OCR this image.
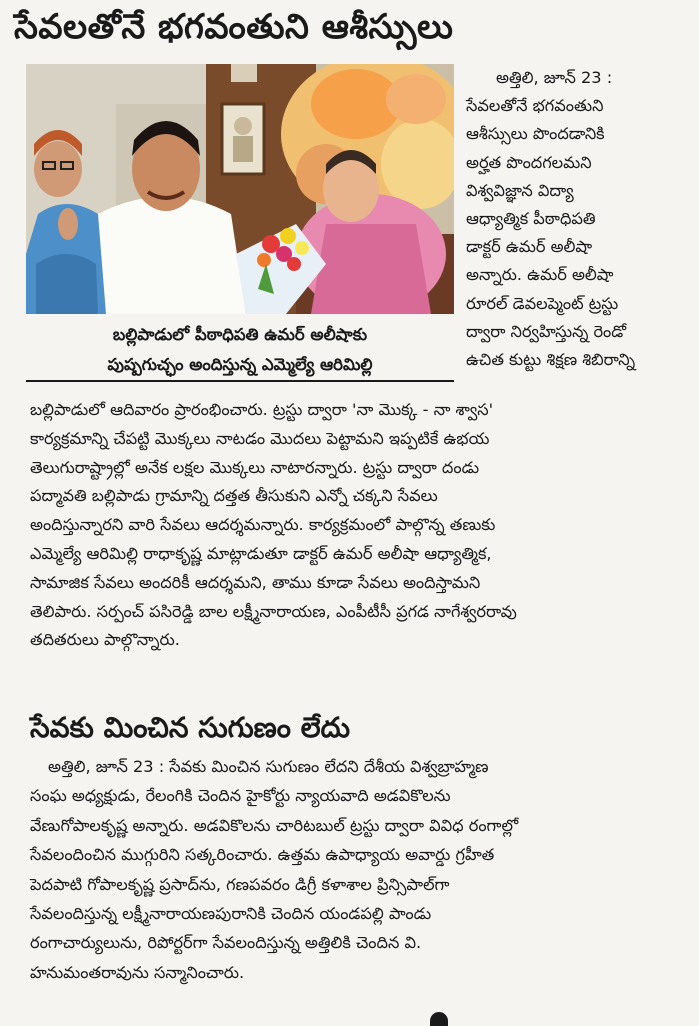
సేవలతోనే భగవంతుని ఆశీస్సులు
బల్లిపాడులో పీఠాధిపతి ఉమర్ అలీషాకు
పుష్పగుచ్ఛం అందిస్తున్న ఎమ్మెల్యే ఆరిమిల్లి
అత్తిలి, జూన్ 23 :
సేవలతోనే భగవంతుని
ఆశీస్సులు పొందడానికి
అర్హత పొందగలమని
విశ్వవిజ్ఞాన విద్యా
ఆధ్యాత్మిక పీఠాధిపతి
డాక్టర్ ఉమర్ అలీషా
అన్నారు. ఉమర్ అలీషా
రూరల్ డెవలప్మెంట్ ట్రస్టు
ద్వారా నిర్వహిస్తున్న రెండో
ఉచిత కుట్టు శిక్షణ శిబిరాన్ని
బల్లిపాడులో ఆదివారం ప్రారంభించారు. ట్రస్టు ద్వారా 'నా మొక్క - నా శ్వాస'
కార్యక్రమాన్ని చేపట్టి మొక్కలు నాటడం మొదలు పెట్టామని ఇప్పటికే ఉభయ
తెలుగురాష్ట్రాల్లో అనేక లక్షల మొక్కలు నాటారన్నారు. ట్రస్టు ద్వారా దండు
పద్మావతి బల్లిపాడు గ్రామాన్ని దత్తత తీసుకుని ఎన్నో చక్కని సేవలు
అందిస్తున్నారని వారి సేవలు ఆదర్శమన్నారు. కార్యక్రమంలో పాల్గొన్న తణుకు
ఎమ్మెల్యే ఆరిమిల్లి రాధాకృష్ణ మాట్లాడుతూ డాక్టర్ ఉమర్ అలీషా ఆధ్యాత్మిక,
సామాజిక సేవలు అందరికీ ఆదర్శమని, తాము కూడా సేవలు అందిస్తామని
తెలిపారు. సర్పంచ్ పసిరెడ్డి బాల లక్ష్మీనారాయణ, ఎంపీటీసీ ప్రగడ నాగేశ్వరరావు
తదితరులు పాల్గొన్నారు.
సేవకు మించిన సుగుణం లేదు
అత్తిలి, జూన్ 23 : సేవకు మించిన సుగుణం లేదని దేశీయ విశ్వబ్రాహ్మణ
సంఘ అధ్యక్షుడు, రేలంగికి చెందిన హైకోర్టు న్యాయవాది అడవికొలను
వేణుగోపాలకృష్ణ అన్నారు. అడవికొలను చారిటబుల్ ట్రస్టు ద్వారా వివిధ రంగాల్లో
సేవలందించిన ముగ్గురిని సత్కరించారు. ఉత్తమ ఉపాధ్యాయ అవార్డు గ్రహీత
పెదపాటి గోపాలకృష్ణ ప్రసాద్‌ను, గణపవరం డిగ్రీ కళాశాల ప్రిన్సిపాల్‌గా
సేవలందిస్తున్న లక్ష్మీనారాయణపురానికి చెందిన యండపల్లి పాండు
రంగాచార్యులును, రిపోర్టర్‌గా సేవలందిస్తున్న అత్తిలికి చెందిన వి.
హనుమంతరావును సన్మానించారు.
